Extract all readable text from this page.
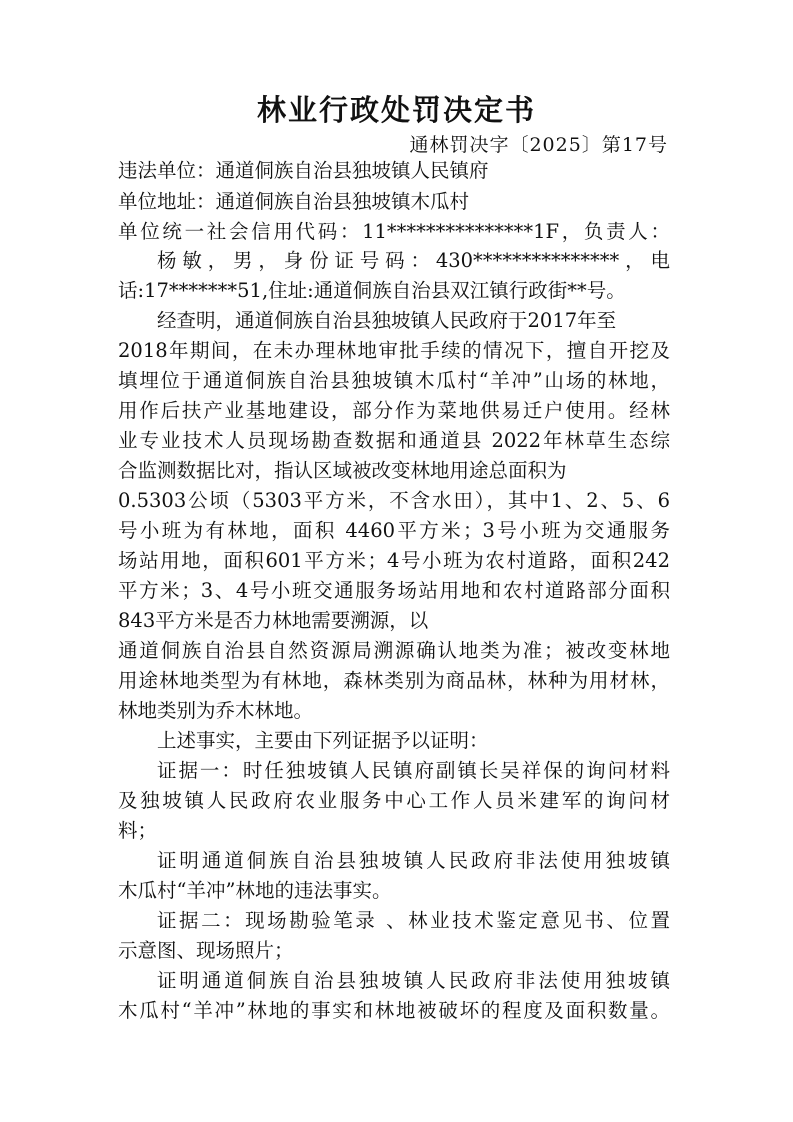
林业行政处罚决定书
通林罚决字〔2025〕第17号
违法单位：通道侗族自治县独坡镇人民镇府
单位地址：通道侗族自治县独坡镇木瓜村
单位统一社会信用代码：11***************1F，负责人：
杨敏，男，身份证号码：430***************，电
话:17*******51,住址:通道侗族自治县双江镇行政街**号。
经查明，通道侗族自治县独坡镇人民政府于2017年至
2018年期间，在未办理林地审批手续的情况下，擅自开挖及
填埋位于通道侗族自治县独坡镇木瓜村“羊冲”山场的林地，
用作后扶产业基地建设，部分作为菜地供易迁户使用。经林
业专业技术人员现场勘查数据和通道县 2022年林草生态综
合监测数据比对，指认区域被改变林地用途总面积为
0.5303公顷（5303平方米，不含水田），其中1、2、5、6
号小班为有林地，面积 4460平方米；3号小班为交通服务
场站用地，面积601平方米；4号小班为农村道路，面积242
平方米；3、4号小班交通服务场站用地和农村道路部分面积
843平方米是否力林地需要溯源，以
通道侗族自治县自然资源局溯源确认地类为准；被改变林地
用途林地类型为有林地，森林类别为商品林，林种为用材林，
林地类别为乔木林地。
上述事实，主要由下列证据予以证明：
证据一：时任独坡镇人民镇府副镇长吴祥保的询问材料
及独坡镇人民政府农业服务中心工作人员米建军的询问材
料；
证明通道侗族自治县独坡镇人民政府非法使用独坡镇
木瓜村“羊冲”林地的违法事实。
证据二：现场勘验笔录 、林业技术鉴定意见书、位置
示意图、现场照片；
证明通道侗族自治县独坡镇人民政府非法使用独坡镇
木瓜村“羊冲”林地的事实和林地被破坏的程度及面积数量。
